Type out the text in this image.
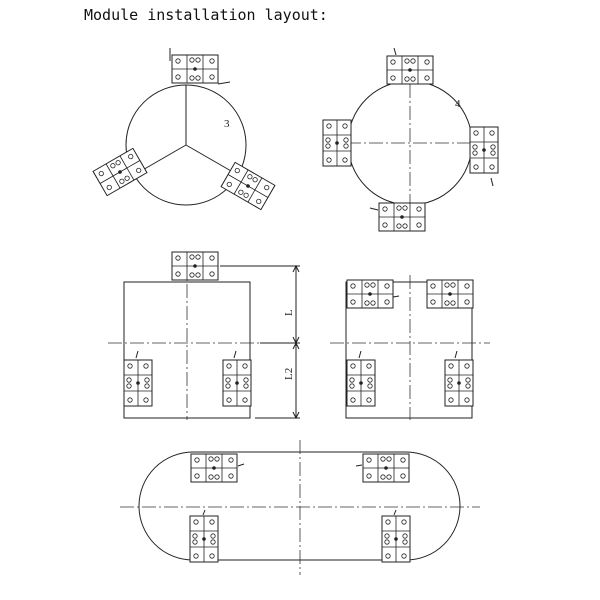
Module installation layout:
3
4
L
L2
